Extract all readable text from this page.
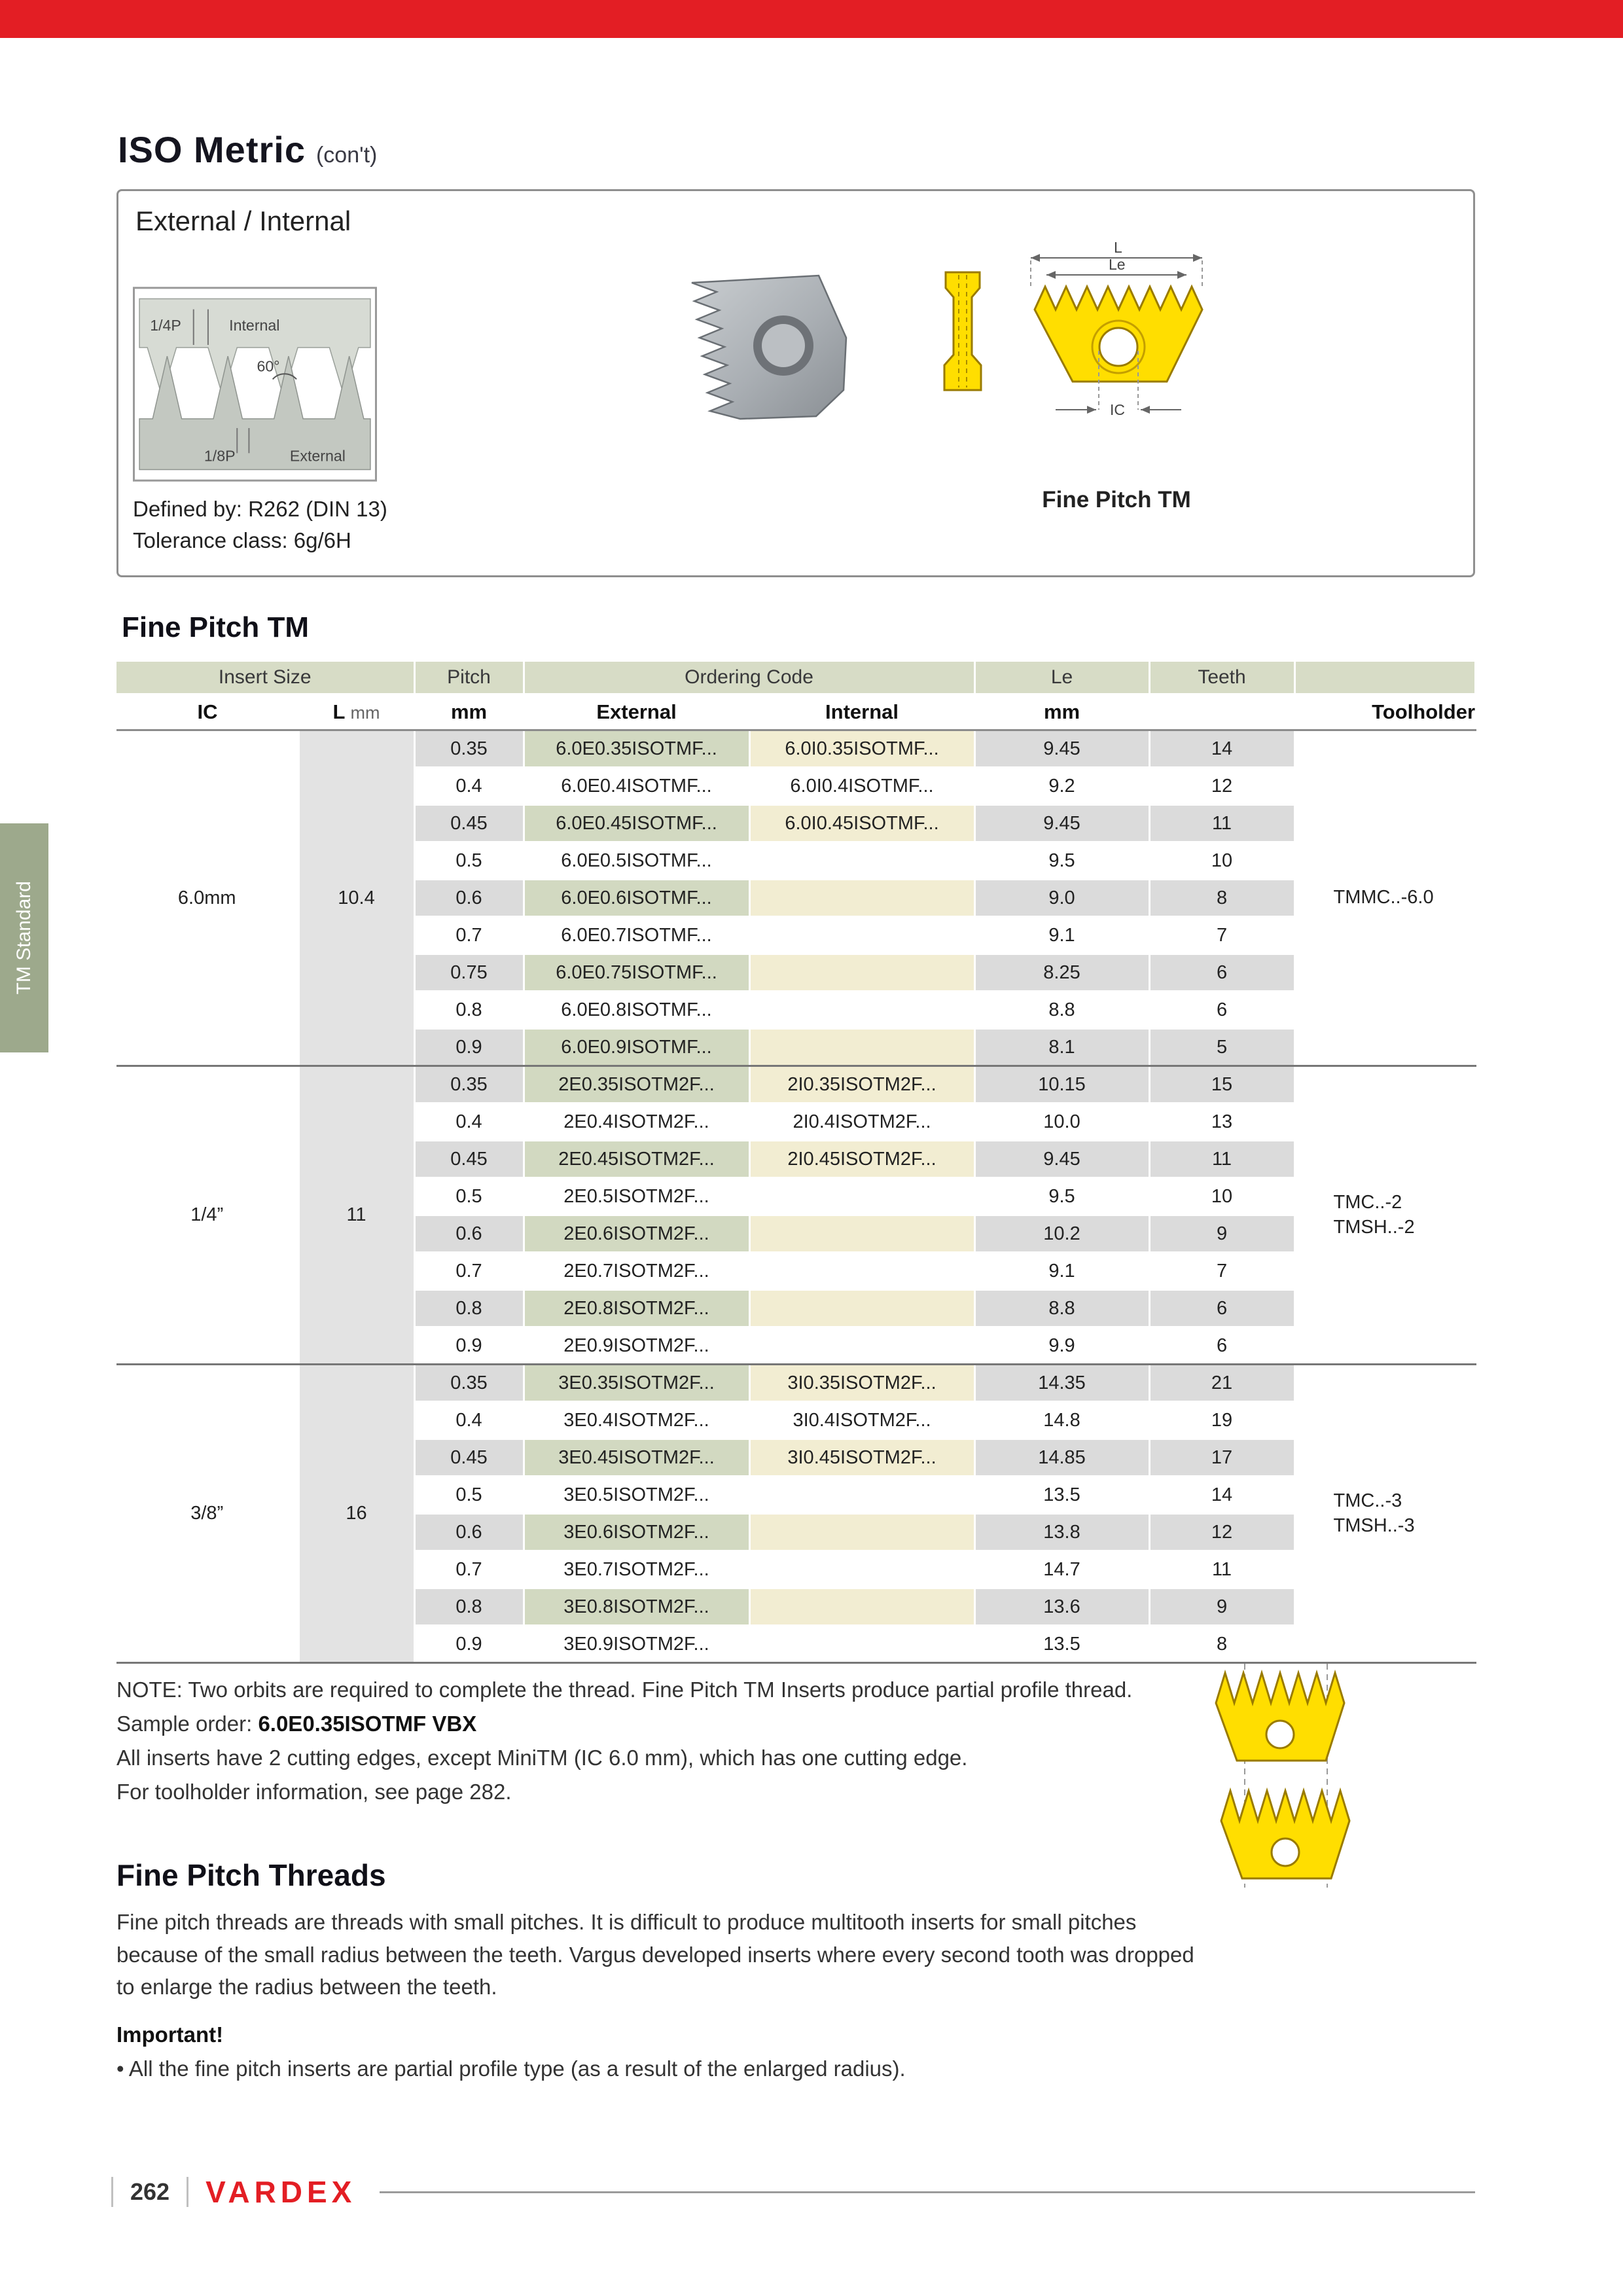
ISO Metric (con't)
TM Standard
External / Internal
1/4P	Internal
60°
1/8P	External
Defined by: R262 (DIN 13)
Tolerance class: 6g/6H
L
Le
IC
Fine Pitch TM
Fine Pitch TM
Insert Size		Pitch	Ordering Code		Le	Teeth	
IC	L mm	mm	External	Internal	mm		Toolholder
6.0mm	10.4	0.35	6.0E0.35ISOTMF...	6.0I0.35ISOTMF...	9.45	14	TMMC..-6.0

		0.4	6.0E0.4ISOTMF...	6.0I0.4ISOTMF...	9.2	12	
		0.45	6.0E0.45ISOTMF...	6.0I0.45ISOTMF...	9.45	11	
		0.5	6.0E0.5ISOTMF...		9.5	10	
		0.6	6.0E0.6ISOTMF...		9.0	8	
		0.7	6.0E0.7ISOTMF...		9.1	7	
		0.75	6.0E0.75ISOTMF...		8.25	6	
		0.8	6.0E0.8ISOTMF...		8.8	6	
		0.9	6.0E0.9ISOTMF...		8.1	5	
1/4”	11	0.35	2E0.35ISOTM2F...	2I0.35ISOTM2F...	10.15	15	TMC..-2
TMSH..-2

		0.4	2E0.4ISOTM2F...	2I0.4ISOTM2F...	10.0	13	
		0.45	2E0.45ISOTM2F...	2I0.45ISOTM2F...	9.45	11	
		0.5	2E0.5ISOTM2F...		9.5	10	
		0.6	2E0.6ISOTM2F...		10.2	9	
		0.7	2E0.7ISOTM2F...		9.1	7	
		0.8	2E0.8ISOTM2F...		8.8	6	
		0.9	2E0.9ISOTM2F...		9.9	6	
3/8”	16	0.35	3E0.35ISOTM2F...	3I0.35ISOTM2F...	14.35	21	TMC..-3
TMSH..-3

		0.4	3E0.4ISOTM2F...	3I0.4ISOTM2F...	14.8	19	
		0.45	3E0.45ISOTM2F...	3I0.45ISOTM2F...	14.85	17	
		0.5	3E0.5ISOTM2F...		13.5	14	
		0.6	3E0.6ISOTM2F...		13.8	12	
		0.7	3E0.7ISOTM2F...		14.7	11	
		0.8	3E0.8ISOTM2F...		13.6	9	
		0.9	3E0.9ISOTM2F...		13.5	8	
NOTE: Two orbits are required to complete the thread. Fine Pitch TM Inserts produce partial profile thread.
Sample order: 6.0E0.35ISOTMF VBX
All inserts have 2 cutting edges, except MiniTM (IC 6.0 mm), which has one cutting edge.
For toolholder information, see page 282.
Fine Pitch Threads

Fine pitch threads are threads with small pitches. It is difficult to produce multitooth inserts for small pitches because of the small radius between the teeth. Vargus developed inserts where every second tooth was dropped to enlarge the radius between the teeth.

Important!
• All the fine pitch inserts are partial profile type (as a result of the enlarged radius).
262 VARDEX
